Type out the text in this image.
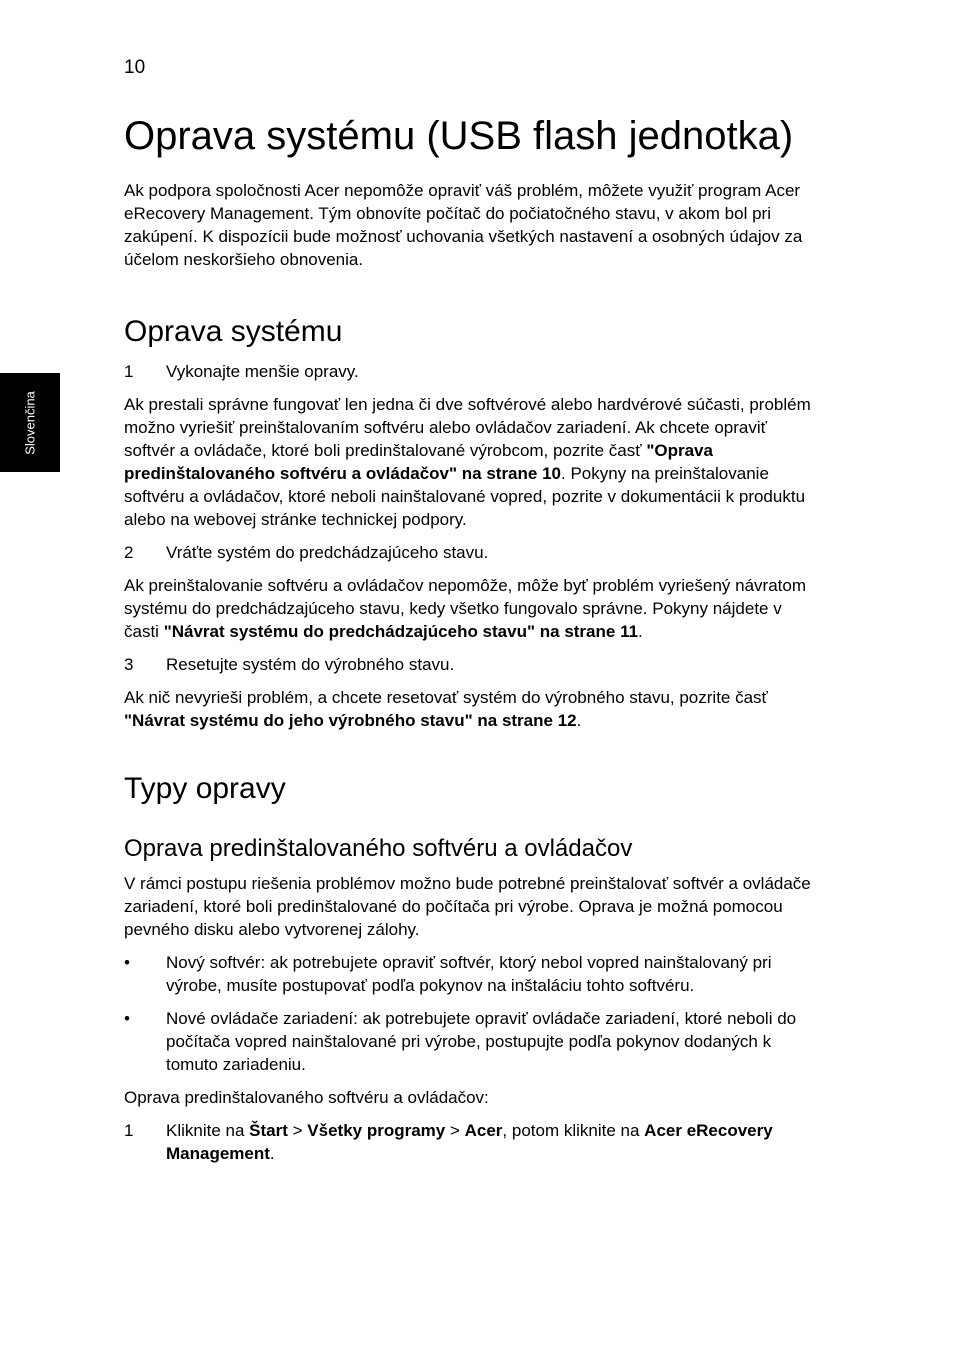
10
Slovenčina
Oprava systému (USB flash jednotka)

Ak podpora spoločnosti Acer nepomôže opraviť váš problém, môžete využiť program Acer eRecovery Management. Tým obnovíte počítač do počiatočného stavu, v akom bol pri zakúpení. K dispozícii bude možnosť uchovania všetkých nastavení a osobných údajov za účelom neskoršieho obnovenia.

Oprava systému
1	Vykonajte menšie opravy.

Ak prestali správne fungovať len jedna či dve softvérové alebo hardvérové súčasti, problém možno vyriešiť preinštalovaním softvéru alebo ovládačov zariadení. Ak chcete opraviť softvér a ovládače, ktoré boli predinštalované výrobcom, pozrite časť "Oprava predinštalovaného softvéru a ovládačov" na strane 10. Pokyny na preinštalovanie softvéru a ovládačov, ktoré neboli nainštalované vopred, pozrite v dokumentácii k produktu alebo na webovej stránke technickej podpory.

2	Vráťte systém do predchádzajúceho stavu.

Ak preinštalovanie softvéru a ovládačov nepomôže, môže byť problém vyriešený návratom systému do predchádzajúceho stavu, kedy všetko fungovalo správne. Pokyny nájdete v časti "Návrat systému do predchádzajúceho stavu" na strane 11.

3	Resetujte systém do výrobného stavu.

Ak nič nevyrieši problém, a chcete resetovať systém do výrobného stavu, pozrite časť "Návrat systému do jeho výrobného stavu" na strane 12.

Typy opravy
Oprava predinštalovaného softvéru a ovládačov

V rámci postupu riešenia problémov možno bude potrebné preinštalovať softvér a ovládače zariadení, ktoré boli predinštalované do počítača pri výrobe. Oprava je možná pomocou pevného disku alebo vytvorenej zálohy.

•	Nový softvér: ak potrebujete opraviť softvér, ktorý nebol vopred nainštalovaný pri výrobe, musíte postupovať podľa pokynov na inštaláciu tohto softvéru.
•	Nové ovládače zariadení: ak potrebujete opraviť ovládače zariadení, ktoré neboli do počítača vopred nainštalované pri výrobe, postupujte podľa pokynov dodaných k tomuto zariadeniu.

Oprava predinštalovaného softvéru a ovládačov:

1	Kliknite na Štart > Všetky programy > Acer, potom kliknite na Acer eRecovery Management.
